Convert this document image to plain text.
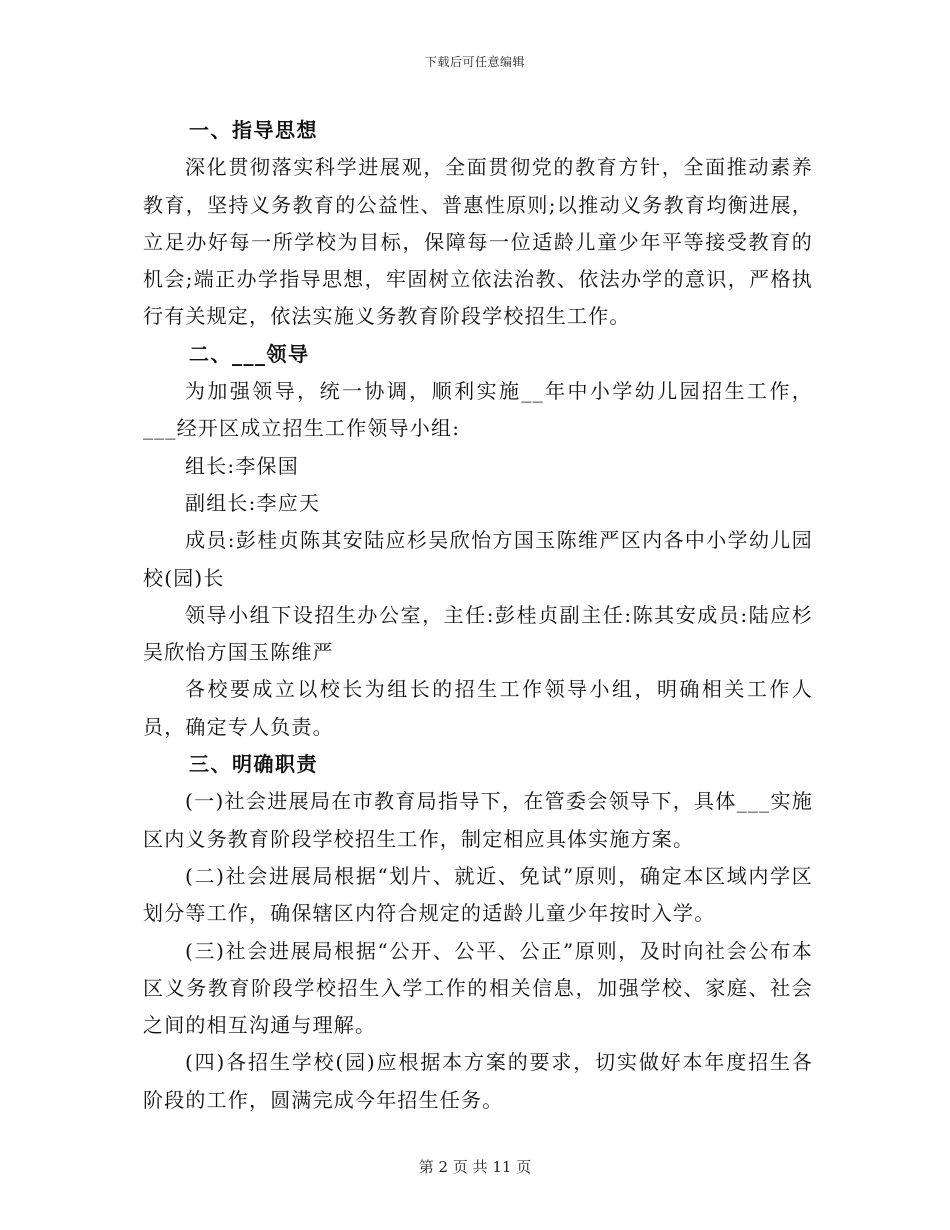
下载后可任意编辑

一、指导思想

深化贯彻落实科学进展观，全面贯彻党的教育方针，全面推动素养教育，坚持义务教育的公益性、普惠性原则;以推动义务教育均衡进展，立足办好每一所学校为目标，保障每一位适龄儿童少年平等接受教育的机会;端正办学指导思想，牢固树立依法治教、依法办学的意识，严格执行有关规定，依法实施义务教育阶段学校招生工作。

二、___领导

为加强领导，统一协调，顺利实施__年中小学幼儿园招生工作，___经开区成立招生工作领导小组:

组长:李保国

副组长:李应天

成员:彭桂贞陈其安陆应杉吴欣怡方国玉陈维严区内各中小学幼儿园校(园)长

领导小组下设招生办公室，主任:彭桂贞副主任:陈其安成员:陆应杉吴欣怡方国玉陈维严

各校要成立以校长为组长的招生工作领导小组，明确相关工作人员，确定专人负责。

三、明确职责

(一)社会进展局在市教育局指导下，在管委会领导下，具体___实施区内义务教育阶段学校招生工作，制定相应具体实施方案。

(二)社会进展局根据“划片、就近、免试”原则，确定本区域内学区划分等工作，确保辖区内符合规定的适龄儿童少年按时入学。

(三)社会进展局根据“公开、公平、公正”原则，及时向社会公布本区义务教育阶段学校招生入学工作的相关信息，加强学校、家庭、社会之间的相互沟通与理解。

(四)各招生学校(园)应根据本方案的要求，切实做好本年度招生各阶段的工作，圆满完成今年招生任务。

第 2 页 共 11 页
